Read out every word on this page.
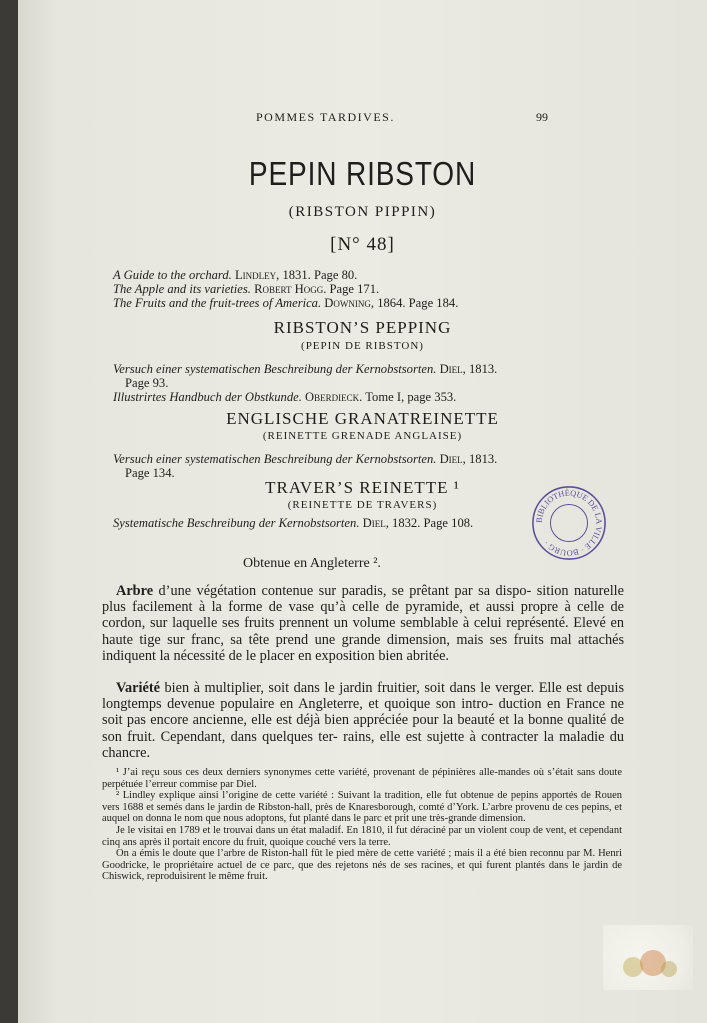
POMMES TARDIVES.	99
PEPIN RIBSTON
(RIBSTON PIPPIN)
[N° 48]
A Guide to the orchard. Lindley, 1831. Page 80.
The Apple and its varieties. Robert Hogg. Page 171.
The Fruits and the fruit-trees of America. Downing, 1864. Page 184.
RIBSTON’S PEPPING
(PEPIN DE RIBSTON)
Versuch einer systematischen Beschreibung der Kernobstsorten. Diel, 1813.
Page 93.
Illustrirtes Handbuch der Obstkunde. Oberdieck. Tome I, page 353.
ENGLISCHE GRANATREINETTE
(REINETTE GRENADE ANGLAISE)
Versuch einer systematischen Beschreibung der Kernobstsorten. Diel, 1813.
Page 134.
TRAVER’S REINETTE ¹
(REINETTE DE TRAVERS)
Systematische Beschreibung der Kernobstsorten. Diel, 1832. Page 108.	BIBLIOTHÈQUE DE LA VILLE · BOURG ·
Obtenue en Angleterre ².

Arbre d’une végétation contenue sur paradis, se prêtant par sa dispo- sition naturelle plus facilement à la forme de vase qu’à celle de pyramide, et aussi propre à celle de cordon, sur laquelle ses fruits prennent un volume semblable à celui représenté. Elevé en haute tige sur franc, sa tête prend une grande dimension, mais ses fruits mal attachés indiquent la nécessité de le placer en exposition bien abritée.

Variété bien à multiplier, soit dans le jardin fruitier, soit dans le verger. Elle est depuis longtemps devenue populaire en Angleterre, et quoique son intro- duction en France ne soit pas encore ancienne, elle est déjà bien appréciée pour la beauté et la bonne qualité de son fruit. Cependant, dans quelques ter- rains, elle est sujette à contracter la maladie du chancre.

¹ J’ai reçu sous ces deux derniers synonymes cette variété, provenant de pépinières alle-mandes où s’était sans doute perpétuée l’erreur commise par Diel.

² Lindley explique ainsi l’origine de cette variété : Suivant la tradition, elle fut obtenue de pepins apportés de Rouen vers 1688 et semés dans le jardin de Ribston-hall, près de Knaresborough, comté d’York. L’arbre provenu de ces pepins, et auquel on donna le nom que nous adoptons, fut planté dans le parc et prit une très-grande dimension.

Je le visitai en 1789 et le trouvai dans un état maladif. En 1810, il fut déraciné par un violent coup de vent, et cependant cinq ans après il portait encore du fruit, quoique couché vers la terre.

On a émis le doute que l’arbre de Riston-hall fût le pied mère de cette variété ; mais il a été bien reconnu par M. Henri Goodricke, le propriétaire actuel de ce parc, que des rejetons nés de ses racines, et qui furent plantés dans le jardin de Chiswick, reproduisirent le même fruit.
